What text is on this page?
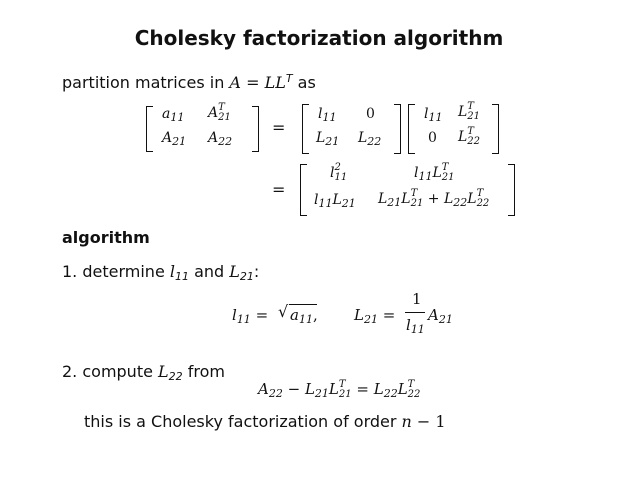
Cholesky factorization algorithm
partition matrices in $A = LL^T$ as
$a_{11}$ AT
21
$A_{21}$ $A_{22}$
=
$l_{11}$ 0
$L_{21}$ $L_{22}$
$l_{11}$ LT
21
0 LT
22
=
l2
11	$l_{11}LT$
21
$l_{11}L_{21}$ $L_{21}LT$
$21 + L_{22}LT$
22
algorithm
1. determine $l_{11}$ and $L_{21}$:
$l_{11}$ = √ $a_{11}$, $L_{21}$ =
1
$l_{11}$
$A_{21}$
2. compute $L_{22}$ from
$A_{22} - L_{21}LT$
$21 = L_{22}LT$
22
this is a Cholesky factorization of order n − 1
